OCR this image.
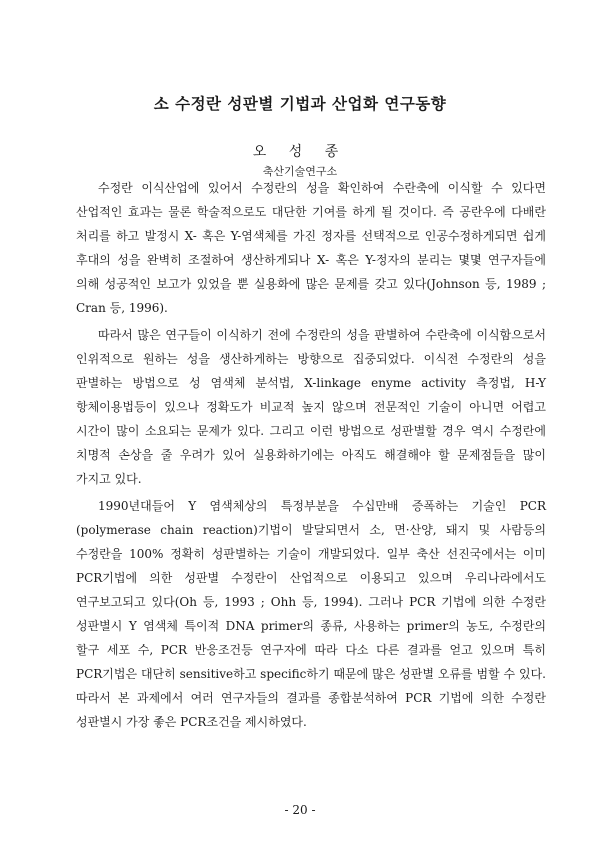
소 수정란 성판별 기법과 산업화 연구동향

오 성 종

축산기술연구소

수정란 이식산업에 있어서 수정란의 성을 확인하여 수란축에 이식할 수 있다면 산업적인 효과는 물론 학술적으로도 대단한 기여를 하게 될 것이다. 즉 공란우에 다배란 처리를 하고 발정시 X- 혹은 Y-염색체를 가진 정자를 선택적으로 인공수정하게되면 쉽게 후대의 성을 완벽히 조절하여 생산하게되나 X- 혹은 Y-정자의 분리는 몇몇 연구자들에 의해 성공적인 보고가 있었을 뿐 실용화에 많은 문제를 갖고 있다(Johnson 등, 1989 ; Cran 등, 1996).

따라서 많은 연구들이 이식하기 전에 수정란의 성을 판별하여 수란축에 이식함으로서 인위적으로 원하는 성을 생산하게하는 방향으로 집중되었다. 이식전 수정란의 성을 판별하는 방법으로 성 염색체 분석법, X-linkage enyme activity 측정법, H-Y 항체이용법등이 있으나 정확도가 비교적 높지 않으며 전문적인 기술이 아니면 어렵고 시간이 많이 소요되는 문제가 있다. 그리고 이런 방법으로 성판별할 경우 역시 수정란에 치명적 손상을 줄 우려가 있어 실용화하기에는 아직도 해결해야 할 문제점들을 많이 가지고 있다.

1990년대들어 Y 염색체상의 특정부분을 수십만배 증폭하는 기술인 PCR (polymerase chain reaction)기법이 발달되면서 소, 면·산양, 돼지 및 사람등의 수정란을 100% 정확히 성판별하는 기술이 개발되었다. 일부 축산 선진국에서는 이미 PCR기법에 의한 성판별 수정란이 산업적으로 이용되고 있으며 우리나라에서도 연구보고되고 있다(Oh 등, 1993 ; Ohh 등, 1994). 그러나 PCR 기법에 의한 수정란 성판별시 Y 염색체 특이적 DNA primer의 종류, 사용하는 primer의 농도, 수정란의 할구 세포 수, PCR 반응조건등 연구자에 따라 다소 다른 결과를 얻고 있으며 특히 PCR기법은 대단히 sensitive하고 specific하기 때문에 많은 성판별 오류를 범할 수 있다. 따라서 본 과제에서 여러 연구자들의 결과를 종합분석하여 PCR 기법에 의한 수정란 성판별시 가장 좋은 PCR조건을 제시하였다.

- 20 -
